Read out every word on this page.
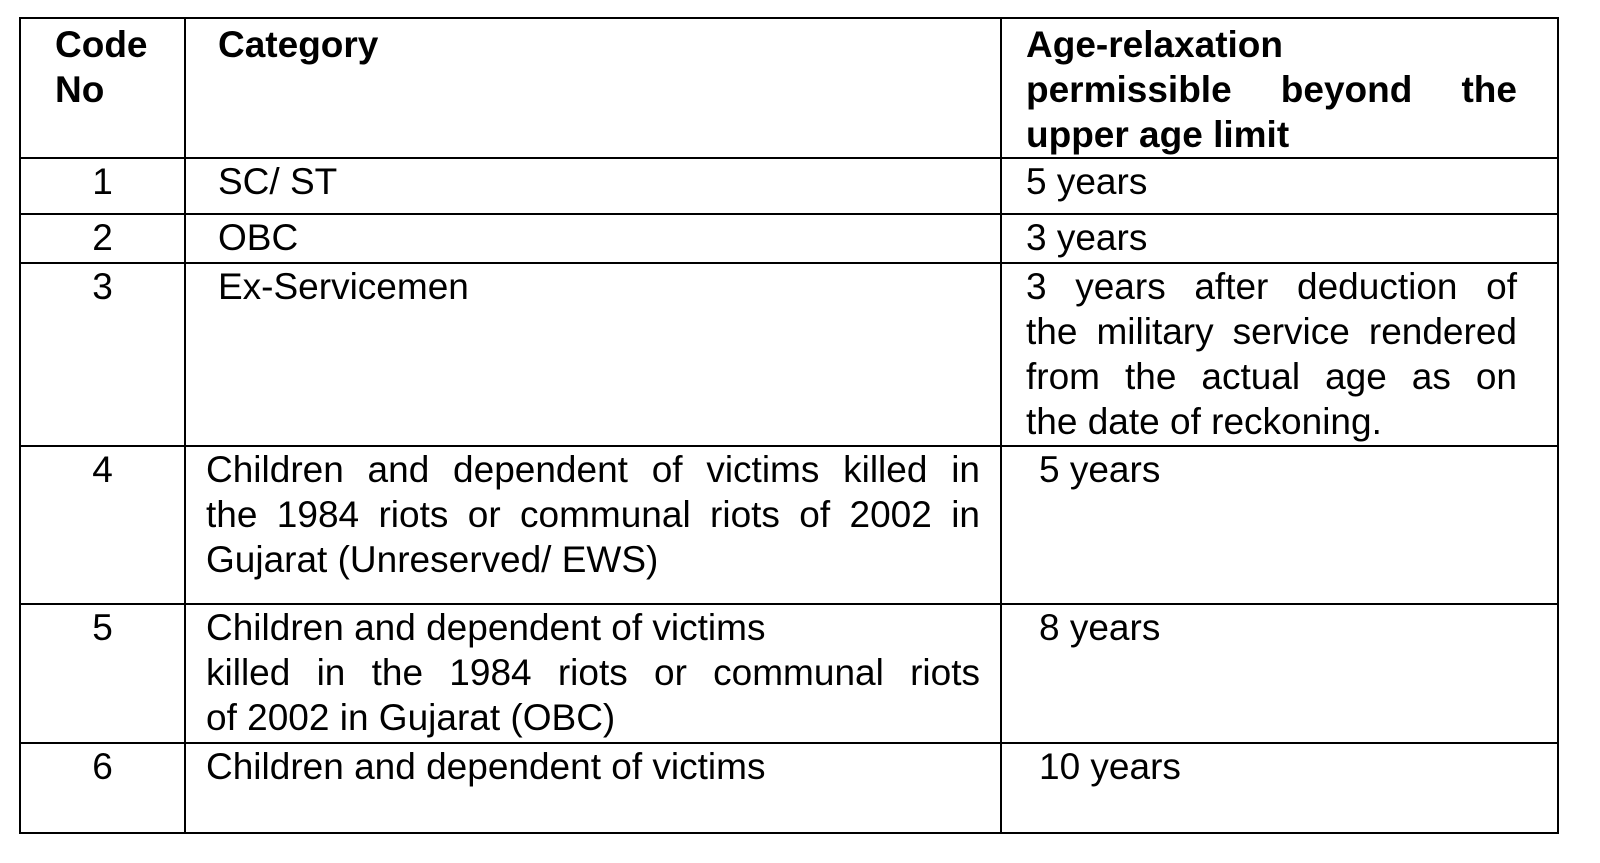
Code
No	Category	Age-relaxation
permissible beyond the
upper age limit

1	SC/ ST	5 years

2	OBC	3 years

3	Ex-Servicemen	3 years after deduction of
the military service rendered
from the actual age as on
the date of reckoning.

4	Children and dependent of victims killed in
the 1984 riots or communal riots of 2002 in
Gujarat (Unreserved/ EWS)	5 years

5	Children and dependent of victims
killed in the 1984 riots or communal riots
of 2002 in Gujarat (OBC)	8 years

6	Children and dependent of victims	10 years
